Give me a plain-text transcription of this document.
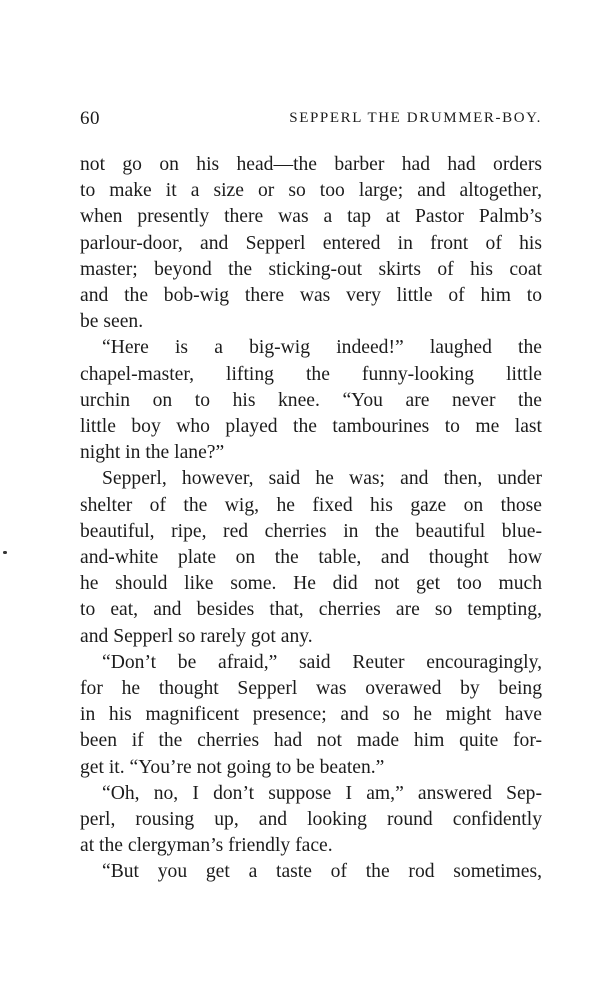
60	SEPPERL THE DRUMMER-BOY.

not go on his head—the barber had had orders

to make it a size or so too large; and altogether,

when presently there was a tap at Pastor Palmb’s

parlour-door, and Sepperl entered in front of his

master; beyond the sticking-out skirts of his coat

and the bob-wig there was very little of him to

be seen.

“Here is a big-wig indeed!” laughed the

chapel-master, lifting the funny-looking little

urchin on to his knee. “You are never the

little boy who played the tambourines to me last

night in the lane?”

Sepperl, however, said he was; and then, under

shelter of the wig, he fixed his gaze on those

beautiful, ripe, red cherries in the beautiful blue-

and-white plate on the table, and thought how

he should like some. He did not get too much

to eat, and besides that, cherries are so tempting,

and Sepperl so rarely got any.

“Don’t be afraid,” said Reuter encouragingly,

for he thought Sepperl was overawed by being

in his magnificent presence; and so he might have

been if the cherries had not made him quite for-

get it. “You’re not going to be beaten.”

“Oh, no, I don’t suppose I am,” answered Sep-

perl, rousing up, and looking round confidently

at the clergyman’s friendly face.

“But you get a taste of the rod sometimes,
